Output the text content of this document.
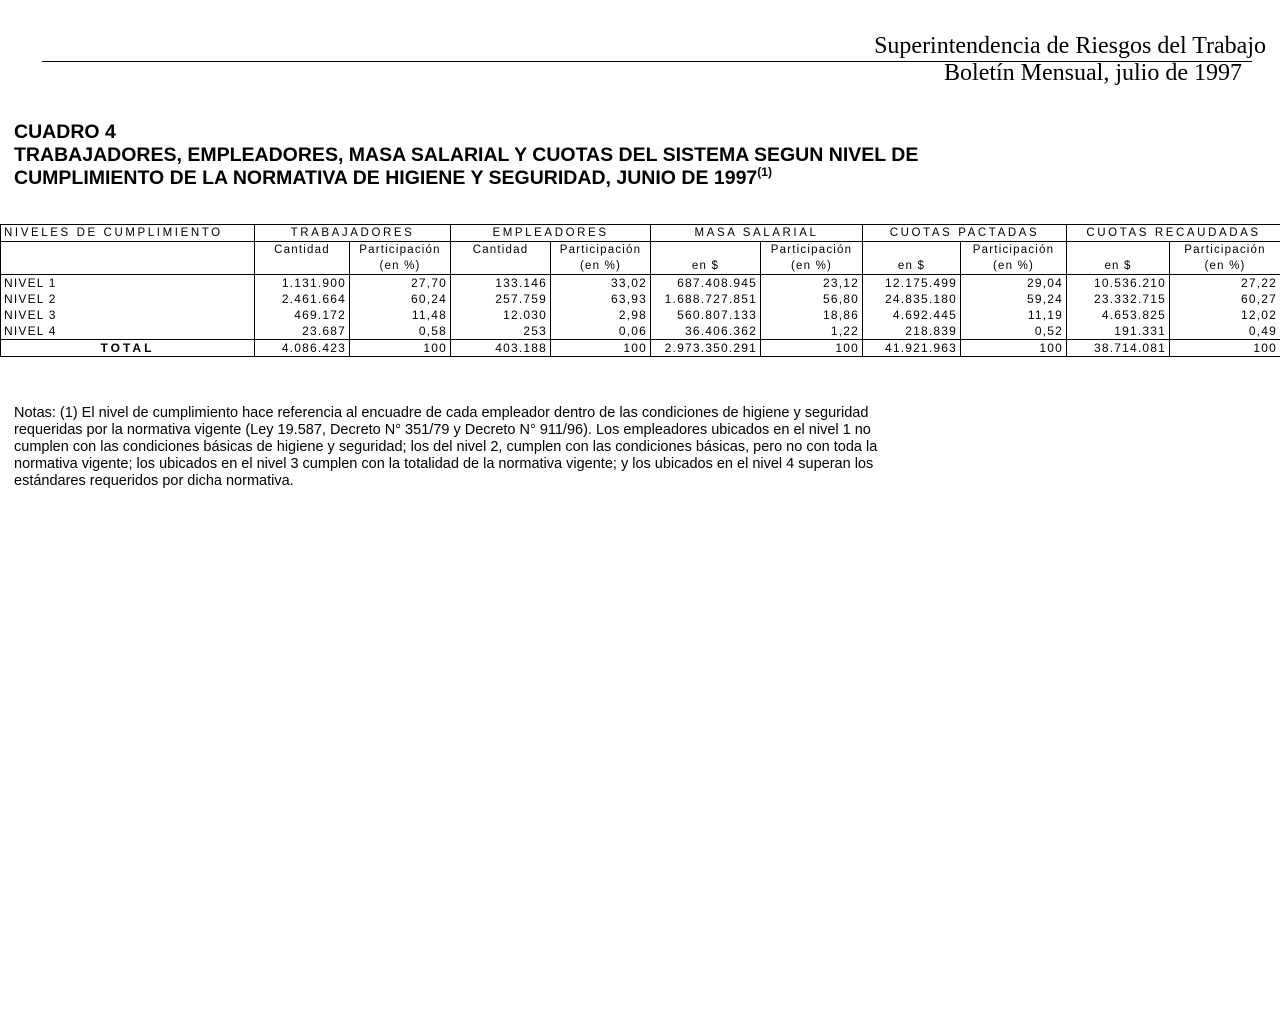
Superintendencia de Riesgos del Trabajo
Boletín Mensual, julio de 1997
CUADRO 4
TRABAJADORES, EMPLEADORES, MASA SALARIAL Y CUOTAS DEL SISTEMA SEGUN NIVEL DE
CUMPLIMIENTO DE LA NORMATIVA DE HIGIENE Y SEGURIDAD, JUNIO DE 1997$^{(1)}$
NIVELES DE CUMPLIMIENTO	TRABAJADORES		EMPLEADORES		MASA SALARIAL		CUOTAS PACTADAS		CUOTAS RECAUDADAS	
	Cantidad	Participación	Cantidad	Participación		Participación		Participación		Participación
		(en %)		(en %)	en $	(en %)	en $	(en %)	en $	(en %)
NIVEL 1	1.131.900	27,70	133.146	33,02	687.408.945	23,12	12.175.499	29,04	10.536.210	27,22
NIVEL 2	2.461.664	60,24	257.759	63,93	1.688.727.851	56,80	24.835.180	59,24	23.332.715	60,27
NIVEL 3	469.172	11,48	12.030	2,98	560.807.133	18,86	4.692.445	11,19	4.653.825	12,02
NIVEL 4	23.687	0,58	253	0,06	36.406.362	1,22	218.839	0,52	191.331	0,49
TOTAL	4.086.423	100	403.188	100	2.973.350.291	100	41.921.963	100	38.714.081	100
Notas: (1) El nivel de cumplimiento hace referencia al encuadre de cada empleador dentro de las condiciones de higiene y seguridad
requeridas por la normativa vigente (Ley 19.587, Decreto N° 351/79 y Decreto N° 911/96). Los empleadores ubicados en el nivel 1 no
cumplen con las condiciones básicas de higiene y seguridad; los del nivel 2, cumplen con las condiciones básicas, pero no con toda la
normativa vigente; los ubicados en el nivel 3 cumplen con la totalidad de la normativa vigente; y los ubicados en el nivel 4 superan los
estándares requeridos por dicha normativa.
